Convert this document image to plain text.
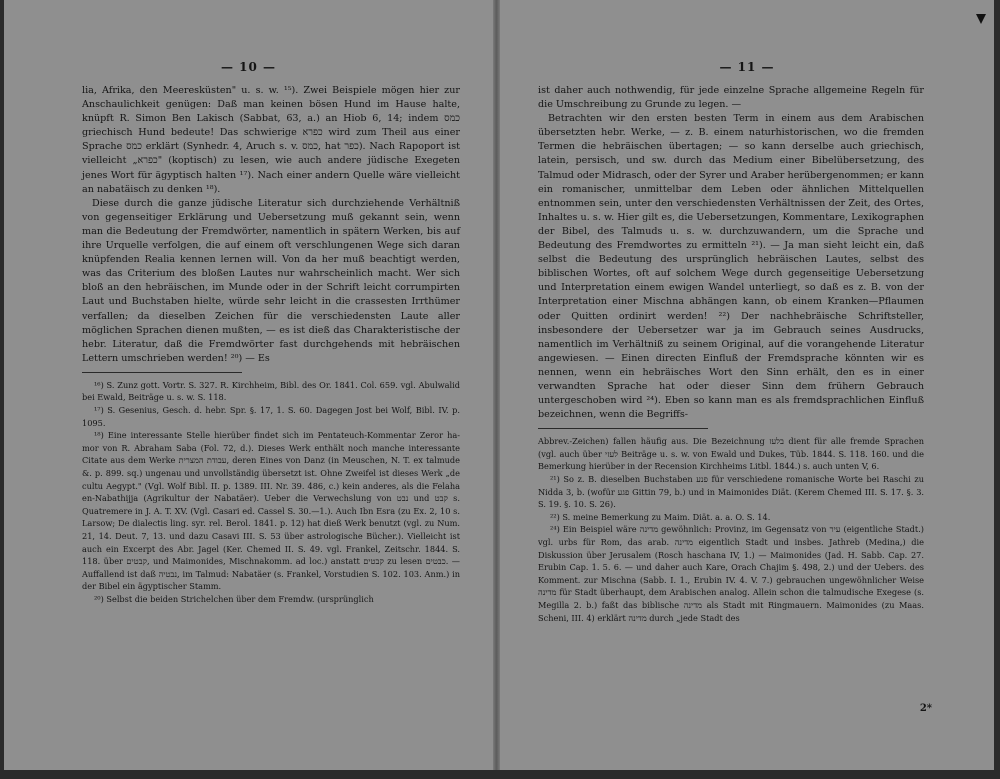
— 10 —

lia, Afrika, den Meeresküsten" u. s. w. ¹⁵). Zwei Beispiele mögen hier zur Anschaulichkeit genügen: Daß man keinen bösen Hund im Hause halte, knüpft R. Simon Ben Lakisch (Sabbat, 63, a.) an Hiob 6, 14; indem כמס griechisch Hund bedeute! Das schwierige כפרא wird zum Theil aus einer Sprache כמס erklärt (Synhedr. 4, Aruch s. v. כמס, hat כפר). Nach Rapoport ist vielleicht „כפרא" (koptisch) zu lesen, wie auch andere jüdische Exegeten jenes Wort für ägyptisch halten ¹⁷). Nach einer andern Quelle wäre vielleicht an nabatäisch zu denken ¹⁸).

Diese durch die ganze jüdische Literatur sich durchziehende Verhältniß von gegenseitiger Erklärung und Uebersetzung muß gekannt sein, wenn man die Bedeutung der Fremdwörter, namentlich in spätern Werken, bis auf ihre Urquelle verfolgen, die auf einem oft verschlungenen Wege sich daran knüpfenden Realia kennen lernen will. Von da her muß beachtigt werden, was das Criterium des bloßen Lautes nur wahrscheinlich macht. Wer sich bloß an den hebräischen, im Munde oder in der Schrift leicht corrumpirten Laut und Buchstaben hielte, würde sehr leicht in die crassesten Irrthümer verfallen; da dieselben Zeichen für die verschiedensten Laute aller möglichen Sprachen dienen mußten, — es ist dieß das Charakteristische der hebr. Literatur, daß die Fremdwörter fast durchgehends mit hebräischen Lettern umschrieben werden! ²⁰) — Es

¹⁶) S. Zunz gott. Vortr. S. 327. R. Kirchheim, Bibl. des Or. 1841. Col. 659. vgl. Abulwalid bei Ewald, Beiträge u. s. w. S. 118.

¹⁷) S. Gesenius, Gesch. d. hebr. Spr. §. 17, 1. S. 60. Dagegen Jost bei Wolf, Bibl. IV. p. 1095.

¹⁸) Eine interessante Stelle hierüber findet sich im Pentateuch-Kommentar Zeror ha-mor von R. Abraham Saba (Fol. 72, d.). Dieses Werk enthält noch manche interessante Citate aus dem Werke עבודת המצרית, deren Eines von Danz (in Meuschen, N. T. ex talmude &. p. 899. sq.) ungenau und unvollständig übersetzt ist. Ohne Zweifel ist dieses Werk „de cultu Aegypt." (Vgl. Wolf Bibl. II. p. 1389. III. Nr. 39. 486, c.) kein anderes, als die Felaha en-Nabathijja (Agrikultur der Nabatäer). Ueber die Verwechslung von נבט und קבט s. Quatremere in J. A. T. XV. (Vgl. Casari ed. Cassel S. 30.—1.). Auch Ibn Esra (zu Ex. 2, 10 s. Larsow; De dialectis ling. syr. rel. Berol. 1841. p. 12) hat dieß Werk benutzt (vgl. zu Num. 21, 14. Deut. 7, 13. und dazu Casavi III. S. 53 über astrologische Bücher.). Vielleicht ist auch ein Excerpt des Abr. Jagel (Ker. Chemed II. S. 49. vgl. Frankel, Zeitschr. 1844. S. 118. über קבטים, und Maimonides, Mischnakomm. ad loc.) anstatt קבטים zu lesen כבטים. — Auffallend ist daß נבטיה, im Talmud: Nabatäer (s. Frankel, Vorstudien S. 102. 103. Anm.) in der Bibel ein ägyptischer Stamm.

²⁰) Selbst die beiden Strichelchen über dem Fremdw. (ursprünglich

— 11 —

ist daher auch nothwendig, für jede einzelne Sprache allgemeine Regeln für die Umschreibung zu Grunde zu legen. —

Betrachten wir den ersten besten Term in einem aus dem Arabischen übersetzten hebr. Werke, — z. B. einem naturhistorischen, wo die fremden Termen die hebräischen übertagen; — so kann derselbe auch griechisch, latein, persisch, und sw. durch das Medium einer Bibelübersetzung, des Talmud oder Midrasch, oder der Syrer und Araber herübergenommen; er kann ein romanischer, unmittelbar dem Leben oder ähnlichen Mittelquellen entnommen sein, unter den verschiedensten Verhältnissen der Zeit, des Ortes, Inhaltes u. s. w. Hier gilt es, die Uebersetzungen, Kommentare, Lexikographen der Bibel, des Talmuds u. s. w. durchzuwandern, um die Sprache und Bedeutung des Fremdwortes zu ermitteln ²¹). — Ja man sieht leicht ein, daß selbst die Bedeutung des ursprünglich hebräischen Lautes, selbst des biblischen Wortes, oft auf solchem Wege durch gegenseitige Uebersetzung und Interpretation einem ewigen Wandel unterliegt, so daß es z. B. von der Interpretation einer Mischna abhängen kann, ob einem Kranken—Pflaumen oder Quitten ordinirt werden! ²²) Der nachhebräische Schriftsteller, insbesondere der Uebersetzer war ja im Gebrauch seines Ausdrucks, namentlich im Verhältniß zu seinem Original, auf die vorangehende Literatur angewiesen. — Einen directen Einfluß der Fremdsprache könnten wir es nennen, wenn ein hebräisches Wort den Sinn erhält, den es in einer verwandten Sprache hat oder dieser Sinn dem frühern Gebrauch untergeschoben wird ²⁴). Eben so kann man es als fremdsprachlichen Einfluß bezeichnen, wenn die Begriffs-

Abbrev.-Zeichen) fallen häufig aus. Die Bezeichnung בלעז dient für alle fremde Sprachen (vgl. auch über לעזי Beiträge u. s. w. von Ewald und Dukes, Tüb. 1844. S. 118. 160. und die Bemerkung hierüber in der Recension Kirchheims Litbl. 1844.) s. auch unten V, 6.

²¹) So z. B. dieselben Buchstaben פנע für verschiedene romanische Worte bei Raschi zu Nidda 3, b. (wofür פגע Gittin 79, b.) und in Maimonides Diät. (Kerem Chemed III. S. 17. §. 3. S. 19. §. 10. S. 26).

²²) S. meine Bemerkung zu Maim. Diät. a. a. O. S. 14.

²⁴) Ein Beispiel wäre מדינה gewöhnlich: Provinz, im Gegensatz von עיר (eigentliche Stadt.) vgl. urbs für Rom, das arab. מדינה eigentlich Stadt und insbes. Jathreb (Medina,) die Diskussion über Jerusalem (Rosch haschana IV, 1.) — Maimonides (Jad. H. Sabb. Cap. 27. Erubin Cap. 1. 5. 6. — und daher auch Kare, Orach Chajim §. 498, 2.) und der Uebers. des Komment. zur Mischna (Sabb. I. 1., Erubin IV. 4. V. 7.) gebrauchen ungewöhnlicher Weise מדינה für Stadt überhaupt, dem Arabischen analog. Allein schon die talmudische Exegese (s. Megilla 2. b.) faßt das biblische מדינה als Stadt mit Ringmauern. Maimonides (zu Maas. Scheni, III. 4) erklärt מדינה durch „jede Stadt des

2*
